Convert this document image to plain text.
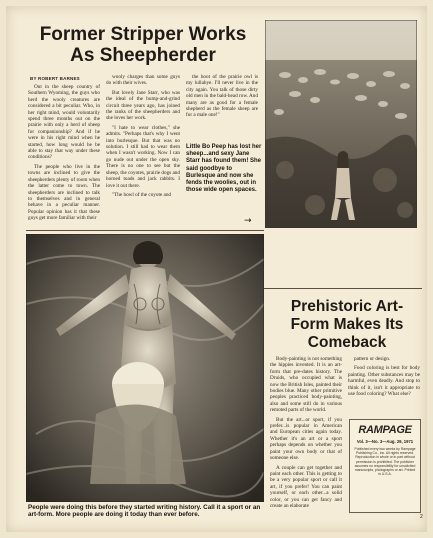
Former Stripper Works As Sheepherder
BY ROBERT BARNES

Out in the sheep country of Southern Wyoming, the guys who herd the wooly creatures are considered a bit peculiar. Who, in her right mind, would voluntarily spend three months out on the prairie with only a herd of sheep for companionship? And if he were in his right mind when he started, how long would he be able to stay that way under these conditions?

The people who live in the towns are inclined to give the sheepherders plenty of room when the latter come to town. The sheepherders are inclined to talk to themselves and in general behave in a peculiar manner. Popular opinion has it that these guys get more familiar with their

wooly charges than some guys do with their wives.

But lovely Jane Starr, who was the ideal of the bump-and-grind circuit three years ago, has joined the ranks of the sheepherders and she loves her work.

"I hate to wear clothes," she admits. "Perhaps that's why I went into burlesque. But that was no solution. I still had to wear them when I wasn't working. Now I can go nude out under the open sky. There is no one to see but the sheep, the coyotes, prairie dogs and horned toads and jack rabbits. I love it out there.

"The howl of the coyote and

the hoot of the prairie owl is my lullabye. I'll never live in the city again. You talk of those dirty old men in the bald-head row. And many are as good for a female shepherd as the female sheep are for a male one!"

Little Bo Peep has lost her sheep...and sexy Jane Starr has found them! She said goodbye to Burlesque and now she fends the woolies, out in those wide open spaces.
→
People were doing this before they started writing history. Call it a sport or an art-form. More people are doing it today than ever before.
Prehistoric Art-Form Makes Its Comeback

Body-painting is not something the hippies invented. It is an art-form that pre-dates history. The Druids, who occupied what is now the British Isles, painted their bodies blue. Many other primitive peoples practiced body-painting, also and some still do in various remoted parts of the world.

But the art...or sport, if you prefer...is popular in American and European cities again today. Whether it's an art or a sport perhaps depends on whether you paint your own body or that of someone else.

A couple can get together and paint each other. This is getting to be a very popular sport or call it art, if you prefer! You can paint yourself, or each other...a solid color, or you can get fancy and create an elaborate

pattern or design.

Food coloring is best for body painting. Other substances may be harmful, even deadly. And stop to think of it, isn't it appropriate to use food coloring? What else?

RAMPAGE
Vol. 3—No. 3—Aug. 29, 1971
Published every two weeks by Rampage Publishing Co., Inc. All rights reserved. Reproduction in whole or in part without permission is prohibited. The publisher assumes no responsibility for unsolicited manuscripts, photographs or art. Printed in U.S.A.
2
